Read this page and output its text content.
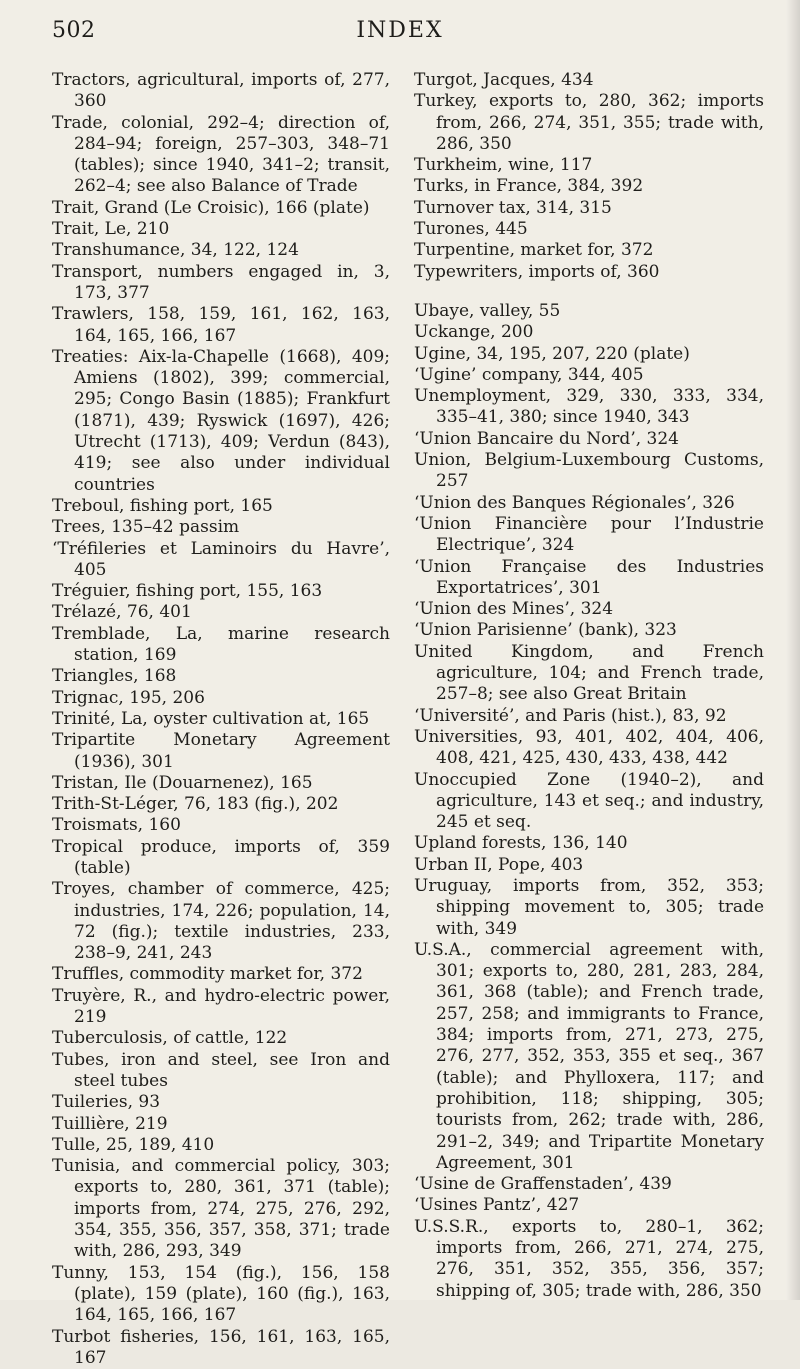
502	INDEX

Tractors, agricultural, imports of, 277, 360

Trade, colonial, 292–4; direction of, 284–94; foreign, 257–303, 348–71 (tables); since 1940, 341–2; transit, 262–4; see also Balance of Trade

Trait, Grand (Le Croisic), 166 (plate)

Trait, Le, 210

Transhumance, 34, 122, 124

Transport, numbers engaged in, 3, 173, 377

Trawlers, 158, 159, 161, 162, 163, 164, 165, 166, 167

Treaties: Aix-la-Chapelle (1668), 409; Amiens (1802), 399; commercial, 295; Congo Basin (1885); Frankfurt (1871), 439; Ryswick (1697), 426; Utrecht (1713), 409; Verdun (843), 419; see also under individual countries

Treboul, fishing port, 165

Trees, 135–42 passim

‘Tréfileries et Laminoirs du Havre’, 405

Tréguier, fishing port, 155, 163

Trélazé, 76, 401

Tremblade, La, marine research station, 169

Triangles, 168

Trignac, 195, 206

Trinité, La, oyster cultivation at, 165

Tripartite Monetary Agreement (1936), 301

Tristan, Ile (Douarnenez), 165

Trith-St-Léger, 76, 183 (fig.), 202

Troismats, 160

Tropical produce, imports of, 359 (table)

Troyes, chamber of commerce, 425; industries, 174, 226; population, 14, 72 (fig.); textile industries, 233, 238–9, 241, 243

Truffles, commodity market for, 372

Truyère, R., and hydro-electric power, 219

Tuberculosis, of cattle, 122

Tubes, iron and steel, see Iron and steel tubes

Tuileries, 93

Tuillière, 219

Tulle, 25, 189, 410

Tunisia, and commercial policy, 303; exports to, 280, 361, 371 (table); imports from, 274, 275, 276, 292, 354, 355, 356, 357, 358, 371; trade with, 286, 293, 349

Tunny, 153, 154 (fig.), 156, 158 (plate), 159 (plate), 160 (fig.), 163, 164, 165, 166, 167

Turbot fisheries, 156, 161, 163, 165, 167

Turgot, Jacques, 434

Turkey, exports to, 280, 362; imports from, 266, 274, 351, 355; trade with, 286, 350

Turkheim, wine, 117

Turks, in France, 384, 392

Turnover tax, 314, 315

Turones, 445

Turpentine, market for, 372

Typewriters, imports of, 360

Ubaye, valley, 55

Uckange, 200

Ugine, 34, 195, 207, 220 (plate)

‘Ugine’ company, 344, 405

Unemployment, 329, 330, 333, 334, 335–41, 380; since 1940, 343

‘Union Bancaire du Nord’, 324

Union, Belgium-Luxembourg Customs, 257

‘Union des Banques Régionales’, 326

‘Union Financière pour l’Industrie Electrique’, 324

‘Union Française des Industries Exportatrices’, 301

‘Union des Mines’, 324

‘Union Parisienne’ (bank), 323

United Kingdom, and French agriculture, 104; and French trade, 257–8; see also Great Britain

‘Université’, and Paris (hist.), 83, 92

Universities, 93, 401, 402, 404, 406, 408, 421, 425, 430, 433, 438, 442

Unoccupied Zone (1940–2), and agriculture, 143 et seq.; and industry, 245 et seq.

Upland forests, 136, 140

Urban II, Pope, 403

Uruguay, imports from, 352, 353; shipping movement to, 305; trade with, 349

U.S.A., commercial agreement with, 301; exports to, 280, 281, 283, 284, 361, 368 (table); and French trade, 257, 258; and immigrants to France, 384; imports from, 271, 273, 275, 276, 277, 352, 353, 355 et seq., 367 (table); and Phylloxera, 117; and prohibition, 118; shipping, 305; tourists from, 262; trade with, 286, 291–2, 349; and Tripartite Monetary Agreement, 301

‘Usine de Graffenstaden’, 439

‘Usines Pantz’, 427

U.S.S.R., exports to, 280–1, 362; imports from, 266, 271, 274, 275, 276, 351, 352, 355, 356, 357; shipping of, 305; trade with, 286, 350
